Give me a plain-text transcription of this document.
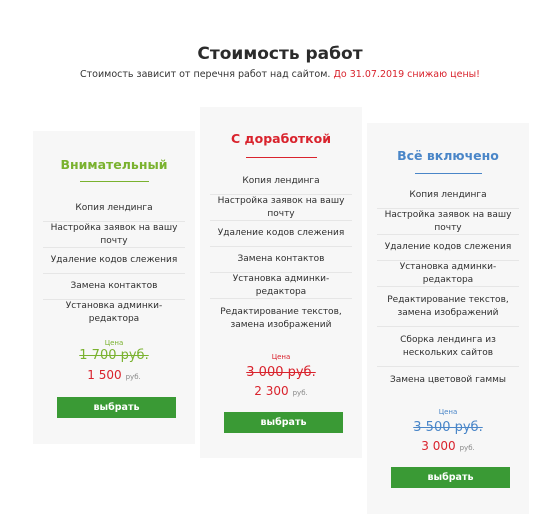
Стоимость работ
Стоимость зависит от перечня работ над сайтом. До 31.07.2019 снижаю цены!
Внимательный
Копия лендинга
Настройка заявок на вашу почту
Удаление кодов слежения
Замена контактов
Установка админки-редактора
Цена
1 700 руб.
1 500 руб.
выбрать
С доработкой
Копия лендинга
Настройка заявок на вашу почту
Удаление кодов слежения
Замена контактов
Установка админки-редактора
Редактирование текстов, замена изображений
Цена
3 000 руб.
2 300 руб.
выбрать
Всё включено
Копия лендинга
Настройка заявок на вашу почту
Удаление кодов слежения
Установка админки-редактора
Редактирование текстов, замена изображений
Сборка лендинга из нескольких сайтов
Замена цветовой гаммы
Цена
3 500 руб.
3 000 руб.
выбрать
